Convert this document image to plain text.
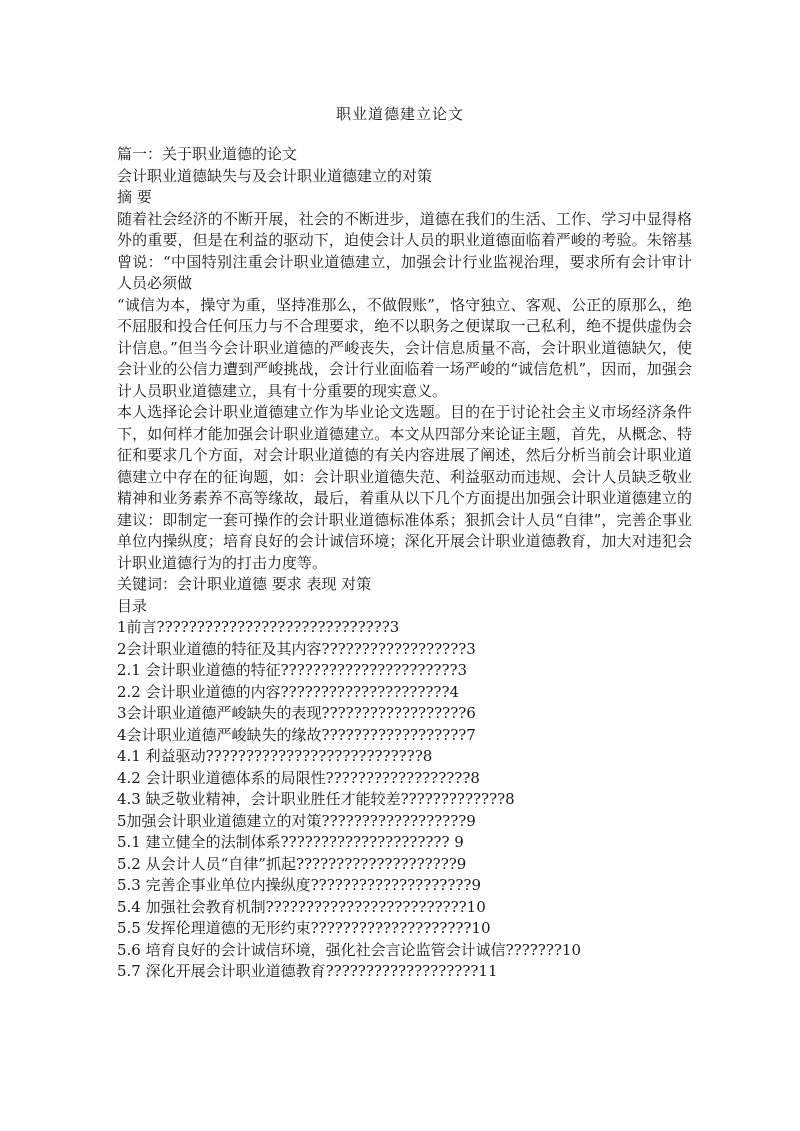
职业道德建立论文

篇一：关于职业道德的论文

会计职业道德缺失与及会计职业道德建立的对策

摘 要

随着社会经济的不断开展，社会的不断进步，道德在我们的生活、工作、学习中显得格外的重要，但是在利益的驱动下，迫使会计人员的职业道德面临着严峻的考验。朱镕基曾说：“中国特别注重会计职业道德建立，加强会计行业监视治理，要求所有会计审计人员必须做

“诚信为本，操守为重，坚持准那么，不做假账”，恪守独立、客观、公正的原那么，绝不屈服和投合任何压力与不合理要求，绝不以职务之便谋取一己私利，绝不提供虚伪会计信息。”但当今会计职业道德的严峻丧失，会计信息质量不高，会计职业道德缺欠，使会计业的公信力遭到严峻挑战，会计行业面临着一场严峻的“诚信危机”，因而，加强会计人员职业道德建立，具有十分重要的现实意义。

本人选择论会计职业道德建立作为毕业论文选题。目的在于讨论社会主义市场经济条件下，如何样才能加强会计职业道德建立。本文从四部分来论证主题，首先，从概念、特征和要求几个方面，对会计职业道德的有关内容进展了阐述，然后分析当前会计职业道德建立中存在的征询题，如：会计职业道德失范、利益驱动而违规、会计人员缺乏敬业精神和业务素养不高等缘故，最后，着重从以下几个方面提出加强会计职业道德建立的建议：即制定一套可操作的会计职业道德标准体系；狠抓会计人员“自律”，完善企事业单位内操纵度；培育良好的会计诚信环境；深化开展会计职业道德教育，加大对违犯会计职业道德行为的打击力度等。

关键词：会计职业道德 要求 表现 对策

目录

1前言?????????????????????????????3

2会计职业道德的特征及其内容??????????????????3

2.1 会计职业道德的特征??????????????????????3

2.2 会计职业道德的内容?????????????????????4

3会计职业道德严峻缺失的表现??????????????????6

4会计职业道德严峻缺失的缘故??????????????????7

4.1 利益驱动???????????????????????????8

4.2 会计职业道德体系的局限性??????????????????8

4.3 缺乏敬业精神，会计职业胜任才能较差?????????????8

5加强会计职业道德建立的对策??????????????????9

5.1 建立健全的法制体系????????????????????? 9

5.2 从会计人员“自律”抓起????????????????????9

5.3 完善企事业单位内操纵度????????????????????9

5.4 加强社会教育机制?????????????????????????10

5.5 发挥伦理道德的无形约束????????????????????10

5.6 培育良好的会计诚信环境，强化社会言论监管会计诚信???????10

5.7 深化开展会计职业道德教育???????????????????11
